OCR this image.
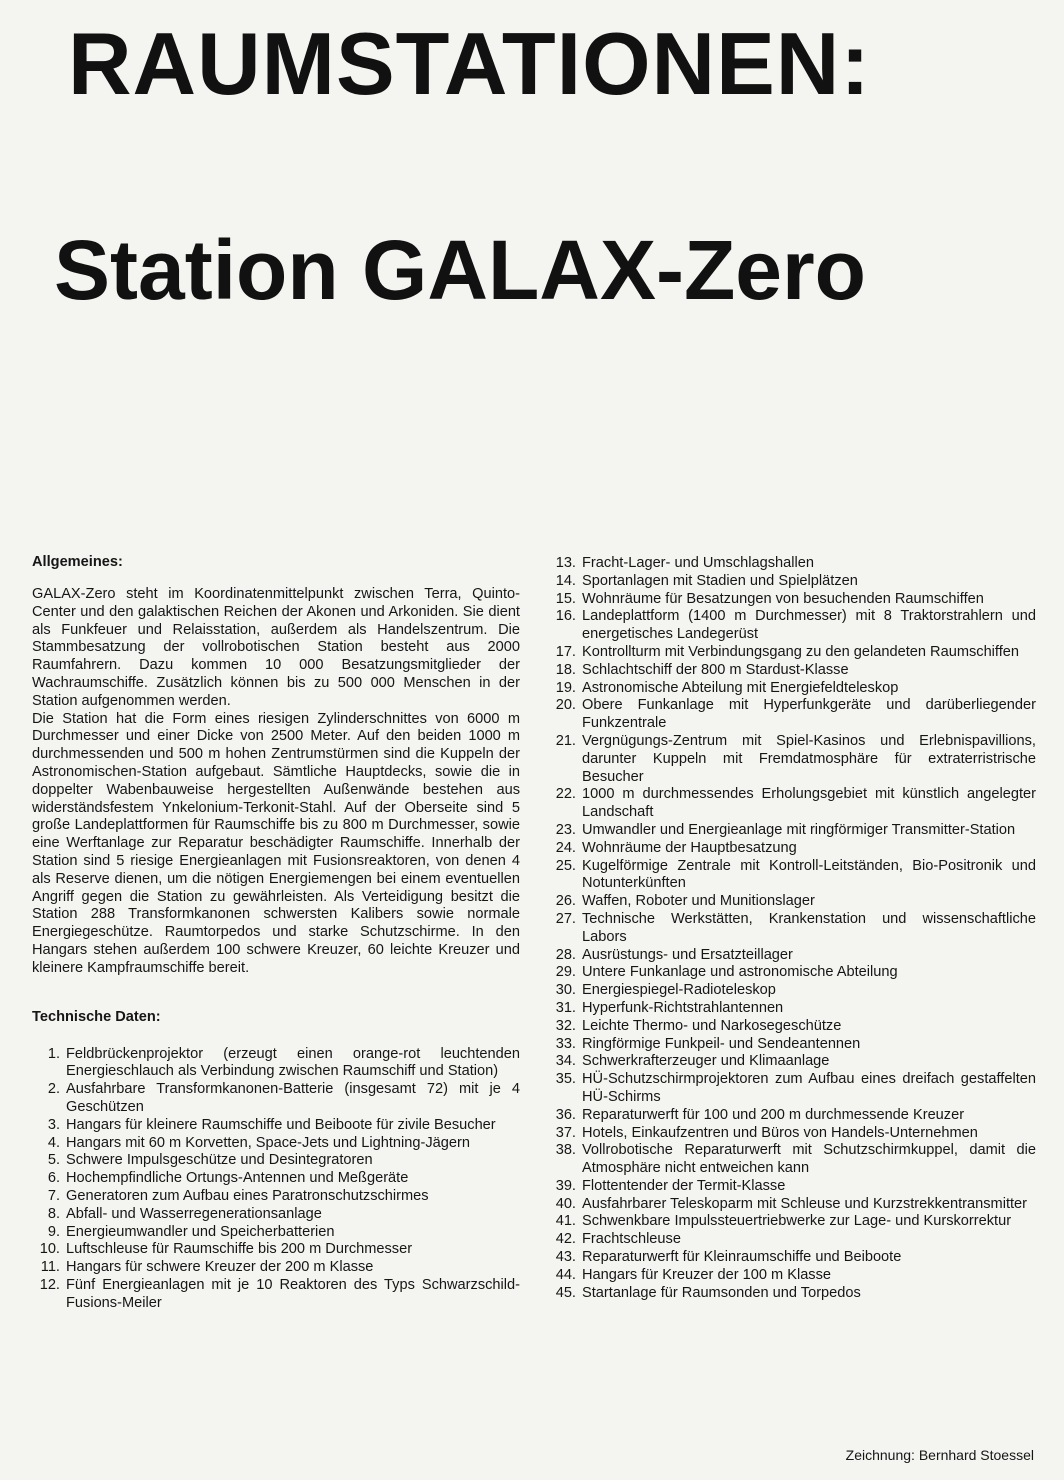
RAUMSTATIONEN:
Station GALAX-Zero
Allgemeines:

GALAX-Zero steht im Koordinatenmittelpunkt zwischen Terra, Quinto-Center und den galaktischen Reichen der Akonen und Arkoniden. Sie dient als Funkfeuer und Relaisstation, außerdem als Handelszentrum. Die Stammbesatzung der vollrobotischen Station besteht aus 2000 Raumfahrern. Dazu kommen 10 000 Besatzungsmitglieder der Wachraumschiffe. Zusätzlich können bis zu 500 000 Menschen in der Station aufgenommen werden.

Die Station hat die Form eines riesigen Zylinderschnittes von 6000 m Durchmesser und einer Dicke von 2500 Meter. Auf den beiden 1000 m durchmessenden und 500 m hohen Zentrumstürmen sind die Kuppeln der Astronomischen-Station aufgebaut. Sämtliche Hauptdecks, sowie die in doppelter Wabenbauweise hergestellten Außenwände bestehen aus widerständsfestem Ynkelonium-Terkonit-Stahl. Auf der Oberseite sind 5 große Landeplattformen für Raumschiffe bis zu 800 m Durchmesser, sowie eine Werftanlage zur Reparatur beschädigter Raumschiffe. Innerhalb der Station sind 5 riesige Energieanlagen mit Fusionsreaktoren, von denen 4 als Reserve dienen, um die nötigen Energiemengen bei einem eventuellen Angriff gegen die Station zu gewährleisten. Als Verteidigung besitzt die Station 288 Transformkanonen schwersten Kalibers sowie normale Energiegeschütze. Raumtorpedos und starke Schutzschirme. In den Hangars stehen außerdem 100 schwere Kreuzer, 60 leichte Kreuzer und kleinere Kampfraumschiffe bereit.

Technische Daten:
1. Feldbrückenprojektor (erzeugt einen orange-rot leuchtenden Energieschlauch als Verbindung zwischen Raumschiff und Station)
2. Ausfahrbare Transformkanonen-Batterie (insgesamt 72) mit je 4 Geschützen
3. Hangars für kleinere Raumschiffe und Beiboote für zivile Besucher
4. Hangars mit 60 m Korvetten, Space-Jets und Lightning-Jägern
5. Schwere Impulsgeschütze und Desintegratoren
6. Hochempfindliche Ortungs-Antennen und Meßgeräte
7. Generatoren zum Aufbau eines Paratronschutzschirmes
8. Abfall- und Wasserregenerationsanlage
9. Energieumwandler und Speicherbatterien
10. Luftschleuse für Raumschiffe bis 200 m Durchmesser
11. Hangars für schwere Kreuzer der 200 m Klasse
12. Fünf Energieanlagen mit je 10 Reaktoren des Typs Schwarzschild-Fusions-Meiler
13. Fracht-Lager- und Umschlagshallen
14. Sportanlagen mit Stadien und Spielplätzen
15. Wohnräume für Besatzungen von besuchenden Raumschiffen
16. Landeplattform (1400 m Durchmesser) mit 8 Traktorstrahlern und energetisches Landegerüst
17. Kontrollturm mit Verbindungsgang zu den gelandeten Raumschiffen
18. Schlachtschiff der 800 m Stardust-Klasse
19. Astronomische Abteilung mit Energiefeldteleskop
20. Obere Funkanlage mit Hyperfunkgeräte und darüberliegender Funkzentrale
21. Vergnügungs-Zentrum mit Spiel-Kasinos und Erlebnispavillions, darunter Kuppeln mit Fremdatmosphäre für extraterristrische Besucher
22. 1000 m durchmessendes Erholungsgebiet mit künstlich angelegter Landschaft
23. Umwandler und Energieanlage mit ringförmiger Transmitter-Station
24. Wohnräume der Hauptbesatzung
25. Kugelförmige Zentrale mit Kontroll-Leitständen, Bio-Positronik und Notunterkünften
26. Waffen, Roboter und Munitionslager
27. Technische Werkstätten, Krankenstation und wissenschaftliche Labors
28. Ausrüstungs- und Ersatzteillager
29. Untere Funkanlage und astronomische Abteilung
30. Energiespiegel-Radioteleskop
31. Hyperfunk-Richtstrahlantennen
32. Leichte Thermo- und Narkosegeschütze
33. Ringförmige Funkpeil- und Sendeantennen
34. Schwerkrafterzeuger und Klimaanlage
35. HÜ-Schutzschirmprojektoren zum Aufbau eines dreifach gestaffelten HÜ-Schirms
36. Reparaturwerft für 100 und 200 m durchmessende Kreuzer
37. Hotels, Einkaufzentren und Büros von Handels-Unternehmen
38. Vollrobotische Reparaturwerft mit Schutzschirmkuppel, damit die Atmosphäre nicht entweichen kann
39. Flottentender der Termit-Klasse
40. Ausfahrbarer Teleskoparm mit Schleuse und Kurzstrekkentransmitter
41. Schwenkbare Impulssteuertriebwerke zur Lage- und Kurskorrektur
42. Frachtschleuse
43. Reparaturwerft für Kleinraumschiffe und Beiboote
44. Hangars für Kreuzer der 100 m Klasse
45. Startanlage für Raumsonden und Torpedos
Zeichnung: Bernhard Stoessel
